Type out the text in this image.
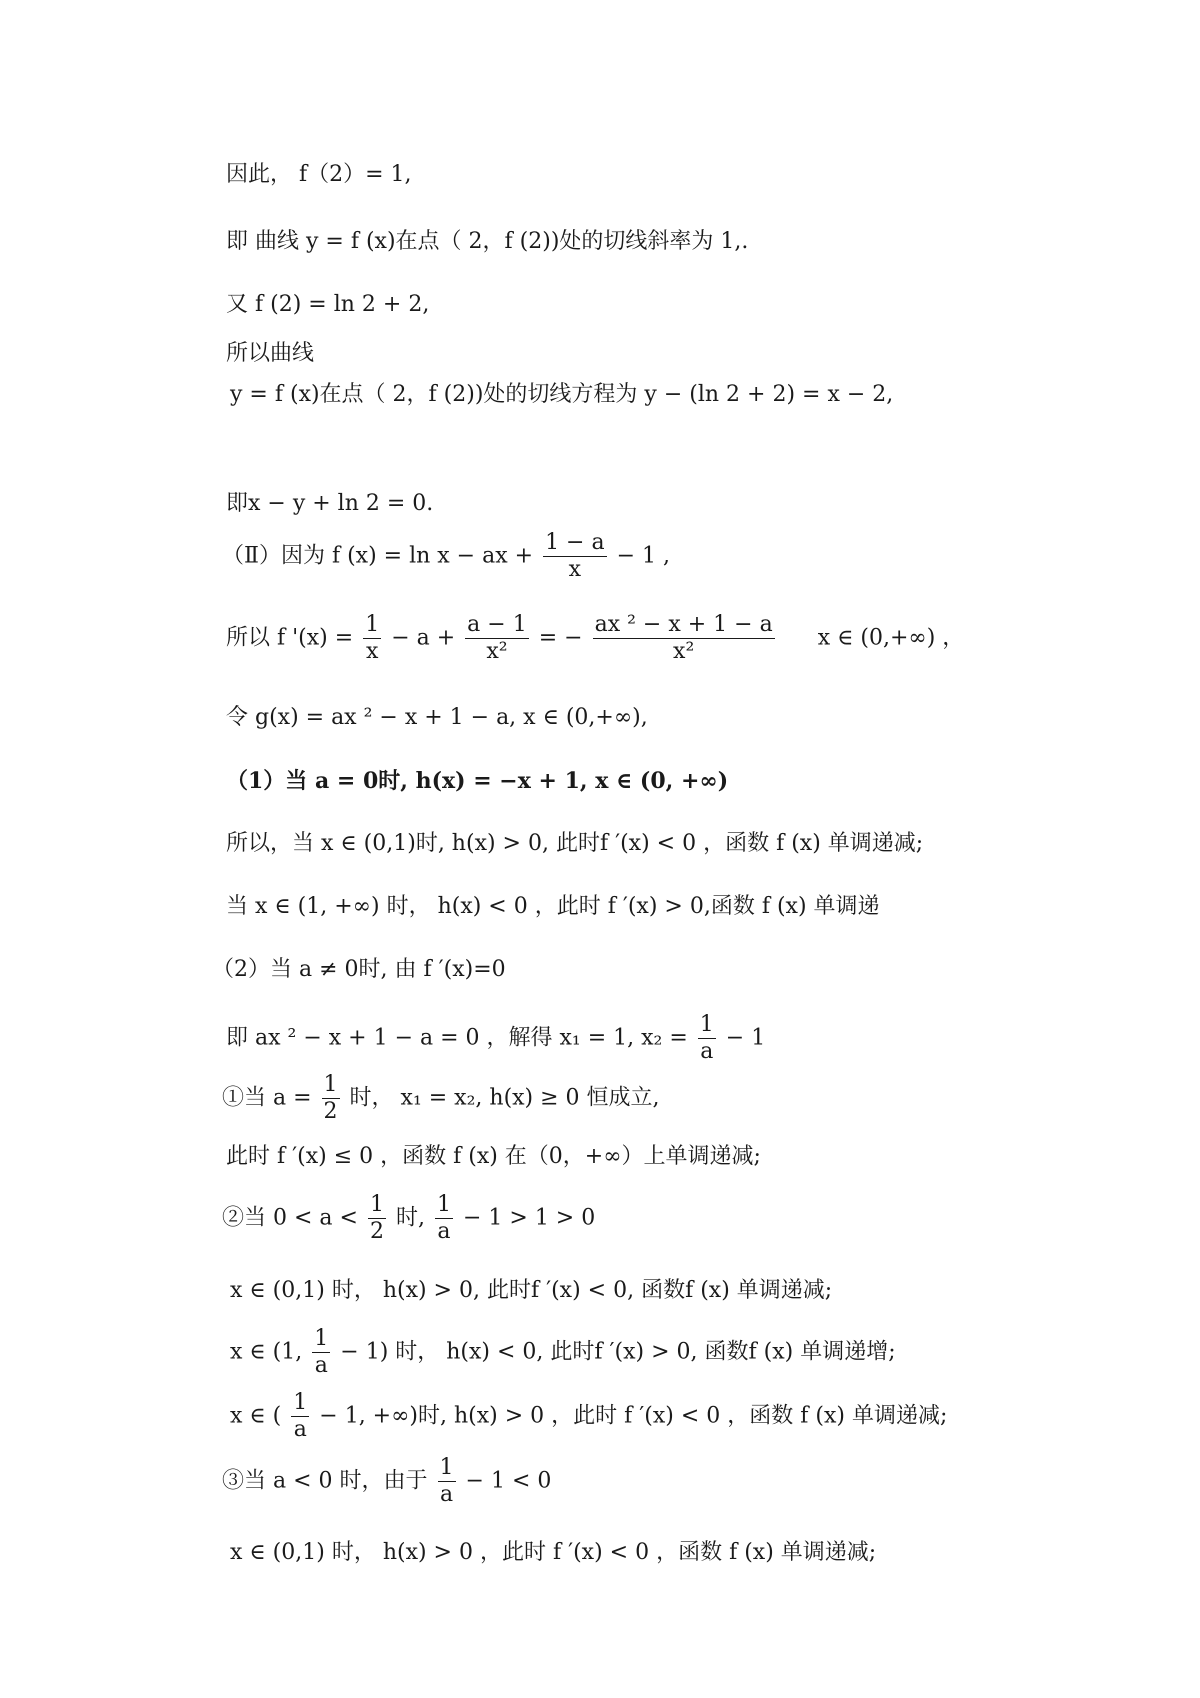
因此， f（2）= 1,
即 曲线 y = f (x)在点（ 2，f (2))处的切线斜率为 1,.
又 f (2) = ln 2 + 2,
所以曲线
y = f (x)在点（ 2，f (2))处的切线方程为 y − (ln 2 + 2) = x − 2,
即x − y + ln 2 = 0.
（Ⅱ）因为 f (x) = ln x − ax + $\frac{1 - a}{x} - 1$ ,
所以 f '$(x) = \frac{1}{x} - a + \frac{a - 1}{\text{x²}}$ = − $\frac{\text{ax ² − x + 1 − a}}{\text{x²}}$ x ∈ (0,+∞) ，
令 g(x) = ax ² − x + 1 − a, x ∈ (0,+∞),
（1）当 a = 0时, h(x) = −x + 1, x ∈ (0, +∞)
所以，当 x ∈ (0,1)时, h(x) > 0, 此时f ′(x) < 0 ，函数 f (x) 单调递减;
当 x ∈ (1, +∞) 时， h(x) < 0 ，此时 f ′(x) > 0,函数 f (x) 单调递
（2）当 a ≠ 0时, 由 f ′(x)=0
即 ax ² − x + 1 − a = 0 ，解得 x₁ = 1, $x_2 = \frac{1}{a} - 1$
①当 $a = \frac{1}{2}$ 时， x₁ = x₂, h(x) ≥ 0 恒成立,
此时 f ′(x) ≤ 0 ，函数 f (x) 在（0，+∞）上单调递减;
②当 $0 < a < \frac{1}{2}$ 时, $\frac{1}{a} - 1 > 1 > 0$
x ∈ (0,1) 时， h(x) > 0, 此时f ′(x) < 0, 函数f (x) 单调递减;
x ∈ (1, $\frac{1}{a} - 1$) 时， h(x) < 0, 此时f ′(x) > 0, 函数f (x) 单调递增;
x ∈ ( $\frac{1}{a} - 1$, +∞)时, h(x) > 0 ，此时 f ′(x) < 0 ，函数 f (x) 单调递减;
③当 a < 0 时，由于 $\frac{1}{a} - 1 < 0$
x ∈ (0,1) 时， h(x) > 0 ，此时 f ′(x) < 0 ，函数 f (x) 单调递减;
